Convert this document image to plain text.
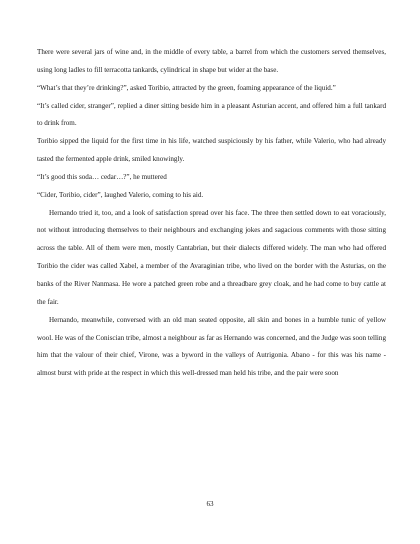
There were several jars of wine and, in the middle of every table, a barrel from which the customers served themselves, using long ladles to fill terracotta tankards, cylindrical in shape but wider at the base.

“What’s that they’re drinking?”, asked Toribio, attracted by the green, foaming appearance of the liquid.”

“It’s called cider, stranger”, replied a diner sitting beside him in a pleasant Asturian accent, and offered him a full tankard to drink from.

Toribio sipped the liquid for the first time in his life, watched suspiciously by his father, while Valerio, who had already tasted the fermented apple drink, smiled knowingly.

“It’s good this soda… cedar…?”, he muttered

“Cider, Toribio, cider”, laughed Valerio, coming to his aid.

Hernando tried it, too, and a look of satisfaction spread over his face. The three then settled down to eat voraciously, not without introducing themselves to their neighbours and exchanging jokes and sagacious comments with those sitting across the table. All of them were men, mostly Cantabrian, but their dialects differed widely. The man who had offered Toribio the cider was called Xabel, a member of the Avaraginian tribe, who lived on the border with the Asturias, on the banks of the River Nanmasa. He wore a patched green robe and a threadbare grey cloak, and he had come to buy cattle at the fair.

Hernando, meanwhile, conversed with an old man seated opposite, all skin and bones in a humble tunic of yellow wool. He was of the Coniscian tribe, almost a neighbour as far as Hernando was concerned, and the Judge was soon telling him that the valour of their chief, Virone, was a byword in the valleys of Autrigonia. Abano - for this was his name - almost burst with pride at the respect in which this well-dressed man held his tribe, and the pair were soon

63
